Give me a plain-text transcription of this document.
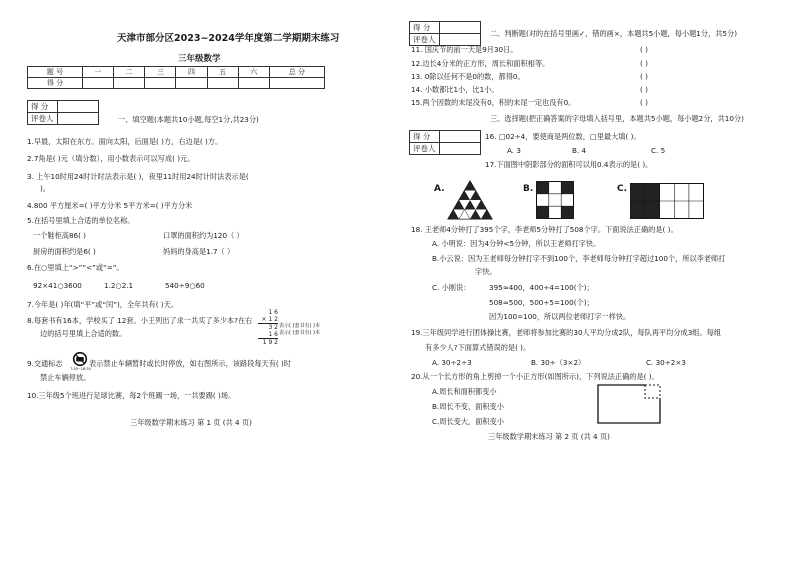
天津市部分区2023~2024学年度第二学期期末练习
三年级数学
题 号	一	二	三	四	五	六	总 分
得 分							
得 分	
评卷人		一、填空题(本题共10小题,每空1分,共23分)
1.早晨，太阳在东方。面向太阳，后面是( )方，右边是( )方。
2.7角是( )元（填分数），用小数表示可以写成( )元。
3. 上午10时用24时计时法表示是( )，夜里11时用24时计时法表示是(
)。
4.800 平方厘米=( )平方分米 5平方米=( )平方分米
5.在括号里填上合适的单位名称。
一个鞋柜高86( )	口罩的面积约为120（ ）
厨房的面积约是6( )	妈妈的身高是1.7（ ）
6.在○里填上“>”“<”或“=”。
92×41○3600	1.2○2.1	540÷9○60
7.今年是( )年(填“平”或“闰”)，全年共有( )天。
8.每套书有16本，学校买了 12套。小王列出了求一共买了多少本?在右
边的括号里填上合适的数。
1 6
× 1 2
3 2
1 6
1 9 2
表示( )套书有( )本
表示( )套书有( )本
9.交通标志
7:30~18:30
表示禁止车辆暂时或长时停放，如右图所示，该路段每天有( )时
禁止车辆停放。
10.三年级5个班进行足球比赛，每2个班踢一场，一共要踢( )场。
三年级数学期末练习 第 1 页 (共 4 页)
得 分	
评卷人	
二、判断题(对的在括号里画✓，错的画×，本题共5小题，每小题1分，共5分)
11. 国庆节的前一天是9月30日。	( )
12.边长4分米的正方形，周长和面积相等。	( )
13. 0除以任何不是0的数，都得0。	( )
14. 小数都比1小，比1小。	( )
15.两个因数的末尾没有0，积的末尾一定也没有0。	( )
三、选择题(把正确答案的字母填入括号里，本题共5小题，每小题2分，共10分)
得 分	
评卷人	
16. □02÷4，要使商是两位数，□里最大填( )。
A. 3	B. 4	C. 5
17.下面图中阴影部分的面积可以用0.4表示的是( )。
A.	B.	C.
18. 王老师4分钟打了395个字，李老师5分钟打了508个字。下面说法正确的是( )。
A. 小明说：因为4分钟<5分钟，所以王老师打字快。
B.小云说：因为王老师每分钟打字不到100个，李老师每分钟打字超过100个，所以李老师打
字快。
C. 小刚说：	395≈400，400÷4=100(个)；
508≈500，500÷5=100(个)；
因为100=100，所以两位老师打字一样快。
19.三年级同学进行团体操比赛，老师将参加比赛的30人平均分成2队，每队再平均分成3组。每组
有多少人?下面算式错误的是( )。
A. 30÷2÷3	B. 30÷（3×2）	C. 30÷2×3
20.从一个长方形的角上剪掉一个小正方形(如图所示)，下列说法正确的是( )。
A.周长和面积都变小
B.周长不变，面积变小
C.周长变大，面积变小
三年级数学期末练习 第 2 页 (共 4 页)
